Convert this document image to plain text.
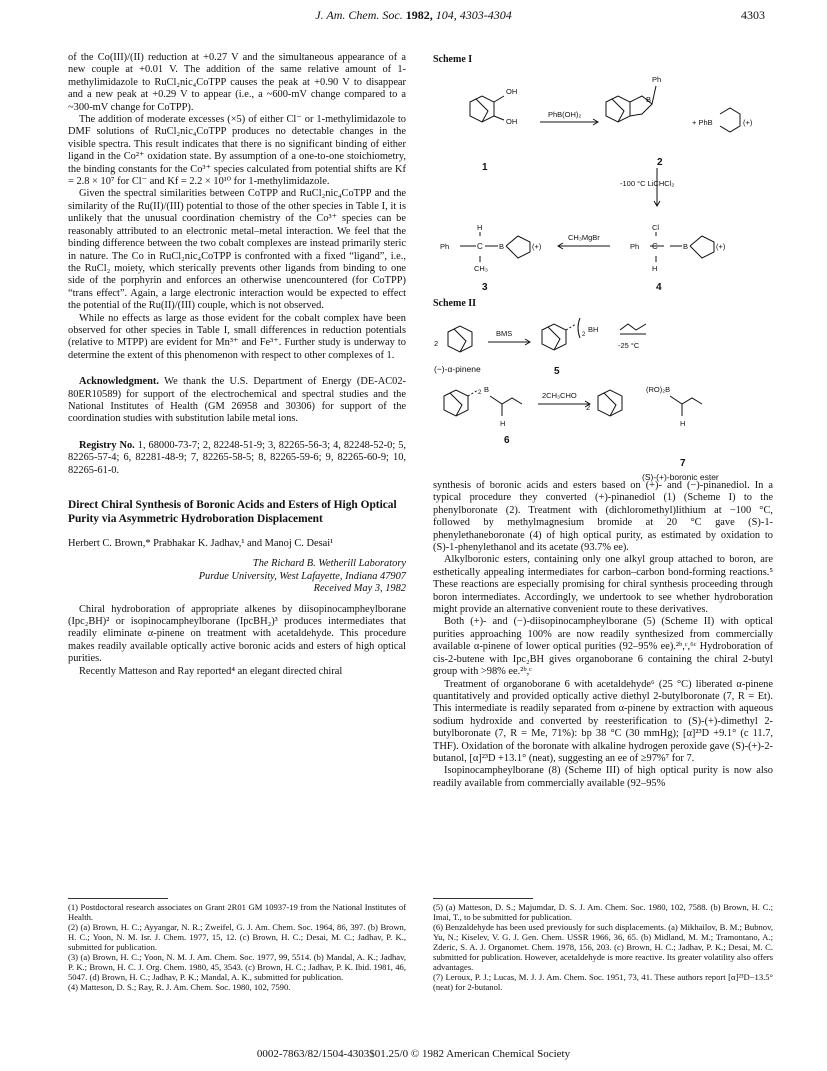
J. Am. Chem. Soc. 1982, 104, 4303-4304	4303

of the Co(III)/(II) reduction at +0.27 V and the simultaneous appearance of a new couple at +0.01 V. The addition of the same relative amount of 1-methylimidazole to RuCl₂nic₄CoTPP causes the peak at +0.90 V to disappear and a new peak at +0.29 V to appear (i.e., a ~600-mV change compared to a ~300-mV change for CoTPP).

The addition of moderate excesses (×5) of either Cl⁻ or 1-methylimidazole to DMF solutions of RuCl₂nic₄CoTPP produces no detectable changes in the visible spectra. This result indicates that there is no significant binding of either ligand in the Co²⁺ oxidation state. By assumption of a one-to-one stoichiometry, the binding constants for the Co³⁺ species calculated from potential shifts are Kf = 2.8 × 10⁷ for Cl⁻ and Kf = 2.2 × 10¹⁰ for 1-methylimidazole.

Given the spectral similarities between CoTPP and RuCl₂nic₄CoTPP and the similarity of the Ru(II)/(III) potential to those of the other species in Table I, it is unlikely that the unusual coordination chemistry of the Co³⁺ species can be reasonably attributed to an electronic metal–metal interaction. We feel that the binding difference between the two cobalt complexes are instead primarily steric in nature. The Co in RuCl₂nic₄CoTPP is confronted with a fixed “ligand”, i.e., the RuCl₂ moiety, which sterically prevents other ligands from binding to one side of the porphyrin and enforces an otherwise unencountered (for CoTPP) “trans effect”. Again, a large electronic interaction would be expected to effect the potential of the Ru(II)/(III) couple, which is not observed.

While no effects as large as those evident for the cobalt complex have been observed for other species in Table I, small differences in reduction potentials (relative to MTPP) are evident for Mn³⁺ and Fe³⁺. Further study is underway to determine the extent of this phenomenon with respect to other complexes of 1.

Acknowledgment. We thank the U.S. Department of Energy (DE-AC02-80ER10589) for support of the electrochemical and spectral studies and the National Institutes of Health (GM 26958 and 30306) for support of the coordination studies with substitution labile metal ions.

Registry No. 1, 68000-73-7; 2, 82248-51-9; 3, 82265-56-3; 4, 82248-52-0; 5, 82265-57-4; 6, 82281-48-9; 7, 82265-58-5; 8, 82265-59-6; 9, 82265-60-9; 10, 82265-61-0.

Direct Chiral Synthesis of Boronic Acids and Esters of High Optical Purity via Asymmetric Hydroboration Displacement
Herbert C. Brown,* Prabhakar K. Jadhav,¹ and Manoj C. Desai¹
The Richard B. Wetherill Laboratory
Purdue University, West Lafayette, Indiana 47907
Received May 3, 1982

Chiral hydroboration of appropriate alkenes by diisopinocampheylborane (Ipc₂BH)² or isopinocampheylborane (IpcBH₂)³ produces intermediates that readily eliminate α-pinene on treatment with acetaldehyde. This procedure makes readily available optically active boronic acids and esters of high optical purities.

Recently Matteson and Ray reported⁴ an elegant directed chiral

Scheme I
OH
OH
PhB(OH)₂
Ph
B
+ PhB	(+)
-100 °C LiCHCl₂
CH₃MgBr
Ph
H
C
CH₃
B	(+)	Ph
Cl
C
H
B	(+)
1	2
3	4
Scheme II
2
BMS	2
BH
-25 °C
2 B
H
2CH₃CHO
2
(RO)₂B
H
(−)-α-pinene
(S)-(+)-boronic ester
5
6
7

synthesis of boronic acids and esters based on (+)- and (−)-pinanediol. In a typical procedure they converted (+)-pinanediol (1) (Scheme I) to the phenylboronate (2). Treatment with (dichloromethyl)lithium at −100 °C, followed by methylmagnesium bromide at 20 °C gave (S)-1-phenylethaneboronate (4) of high optical purity, as estimated by oxidation to (S)-1-phenylethanol and its acetate (93.7% ee).

Alkylboronic esters, containing only one alkyl group attached to boron, are esthetically appealing intermediates for carbon–carbon bond-forming reactions.⁵ These reactions are especially promising for chiral synthesis proceeding through boron intermediates. Accordingly, we undertook to see whether hydroboration might provide an alternative convenient route to these derivatives.

Both (+)- and (−)-diisopinocampheylborane (5) (Scheme II) with optical purities approaching 100% are now readily synthesized from commercially available α-pinene of lower optical purities (92–95% ee).²ᵇ,ᶜ,⁶ᶜ Hydroboration of cis-2-butene with Ipc₂BH gives organoborane 6 containing the chiral 2-butyl group with >98% ee.²ᵇ,ᶜ

Treatment of organoborane 6 with acetaldehyde⁶ (25 °C) liberated α-pinene quantitatively and provided optically active diethyl 2-butylboronate (7, R = Et). This intermediate is readily separated from α-pinene by extraction with aqueous sodium hydroxide and converted by reesterification to (S)-(+)-dimethyl 2-butylboronate (7, R = Me, 71%): bp 38 °C (30 mmHg); [α]²³D +9.1° (c 11.7, THF). Oxidation of the boronate with alkaline hydrogen peroxide gave (S)-(+)-2-butanol, [α]²³D +13.1° (neat), suggesting an ee of ≥97%⁷ for 7.

Isopinocampheylborane (8) (Scheme III) of high optical purity is now also readily available from commercially available (92–95%

(1) Postdoctoral research associates on Grant 2R01 GM 10937-19 from the National Institutes of Health.
(2) (a) Brown, H. C.; Ayyangar, N. R.; Zweifel, G. J. Am. Chem. Soc. 1964, 86, 397. (b) Brown, H. C.; Yoon, N. M. Isr. J. Chem. 1977, 15, 12. (c) Brown, H. C.; Desai, M. C.; Jadhav, P. K., submitted for publication.
(3) (a) Brown, H. C.; Yoon, N. M. J. Am. Chem. Soc. 1977, 99, 5514. (b) Mandal, A. K.; Jadhav, P. K.; Brown, H. C. J. Org. Chem. 1980, 45, 3543. (c) Brown, H. C.; Jadhav, P. K. Ibid. 1981, 46, 5047. (d) Brown, H. C.; Jadhav, P. K.; Mandal, A. K., submitted for publication.
(4) Matteson, D. S.; Ray, R. J. Am. Chem. Soc. 1980, 102, 7590.
(5) (a) Matteson, D. S.; Majumdar, D. S. J. Am. Chem. Soc. 1980, 102, 7588. (b) Brown, H. C.; Imai, T., to be submitted for publication.
(6) Benzaldehyde has been used previously for such displacements. (a) Mikhailov, B. M.; Bubnov, Yu, N.; Kiselev, V. G. J. Gen. Chem. USSR 1966, 36, 65. (b) Midland, M. M.; Tramontano, A.; Zderic, S. A. J. Organomet. Chem. 1978, 156, 203. (c) Brown, H. C.; Jadhav, P. K.; Desai, M. C. submitted for publication. However, acetaldehyde is more reactive. Its greater volatility also offers advantages.
(7) Leroux, P. J.; Lucas, M. J. J. Am. Chem. Soc. 1951, 73, 41. These authors report [α]²³D−13.5° (neat) for 2-butanol.
0002-7863/82/1504-4303$01.25/0 © 1982 American Chemical Society
